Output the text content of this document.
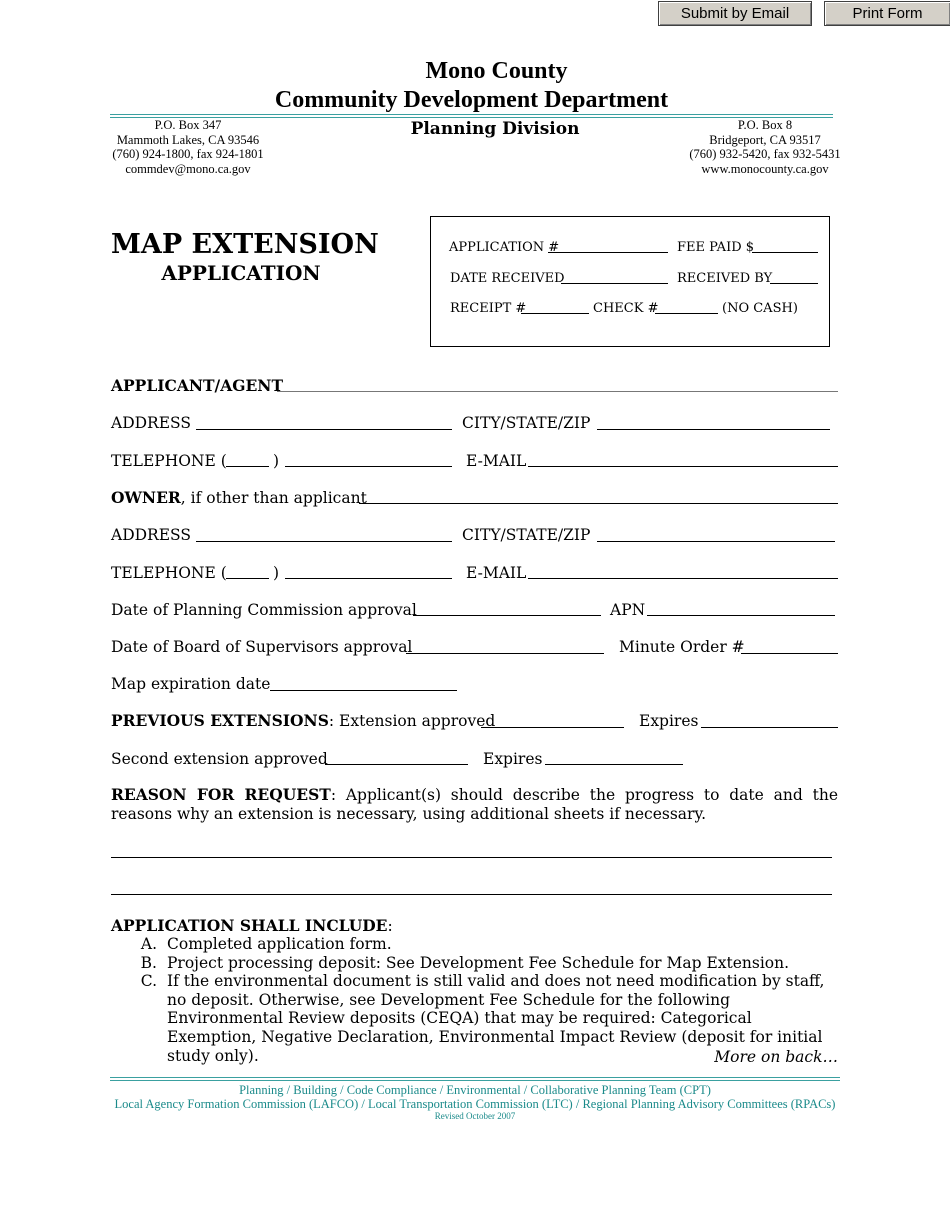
Submit by Email	Print Form
Mono County
Community Development Department
Planning Division
P.O. Box 347
Mammoth Lakes, CA 93546
(760) 924-1800, fax 924-1801
commdev@mono.ca.gov
P.O. Box 8
Bridgeport, CA 93517
(760) 932-5420, fax 932-5431
www.monocounty.ca.gov
MAP EXTENSION
APPLICATION
APPLICATION #	FEE PAID $
DATE RECEIVED	RECEIVED BY
RECEIPT #	CHECK #	(NO CASH)
APPLICANT/AGENT
ADDRESS	CITY/STATE/ZIP
TELEPHONE (	)	E-MAIL
OWNER, if other than applicant
ADDRESS	CITY/STATE/ZIP
TELEPHONE (	)	E-MAIL
Date of Planning Commission approval	APN
Date of Board of Supervisors approval	Minute Order #
Map expiration date
PREVIOUS EXTENSIONS: Extension approved	Expires
Second extension approved	Expires
REASON FOR REQUEST: Applicant(s) should describe the progress to date and the reasons why an extension is necessary, using additional sheets if necessary.
APPLICATION SHALL INCLUDE:
A. Completed application form.
B. Project processing deposit: See Development Fee Schedule for Map Extension.
C. If the environmental document is still valid and does not need modification by staff, no deposit. Otherwise, see Development Fee Schedule for the following Environmental Review deposits (CEQA) that may be required: Categorical Exemption, Negative Declaration, Environmental Impact Review (deposit for initial study only).	More on back…
Planning / Building / Code Compliance / Environmental / Collaborative Planning Team (CPT)
Local Agency Formation Commission (LAFCO) / Local Transportation Commission (LTC) / Regional Planning Advisory Committees (RPACs)
Revised October 2007
